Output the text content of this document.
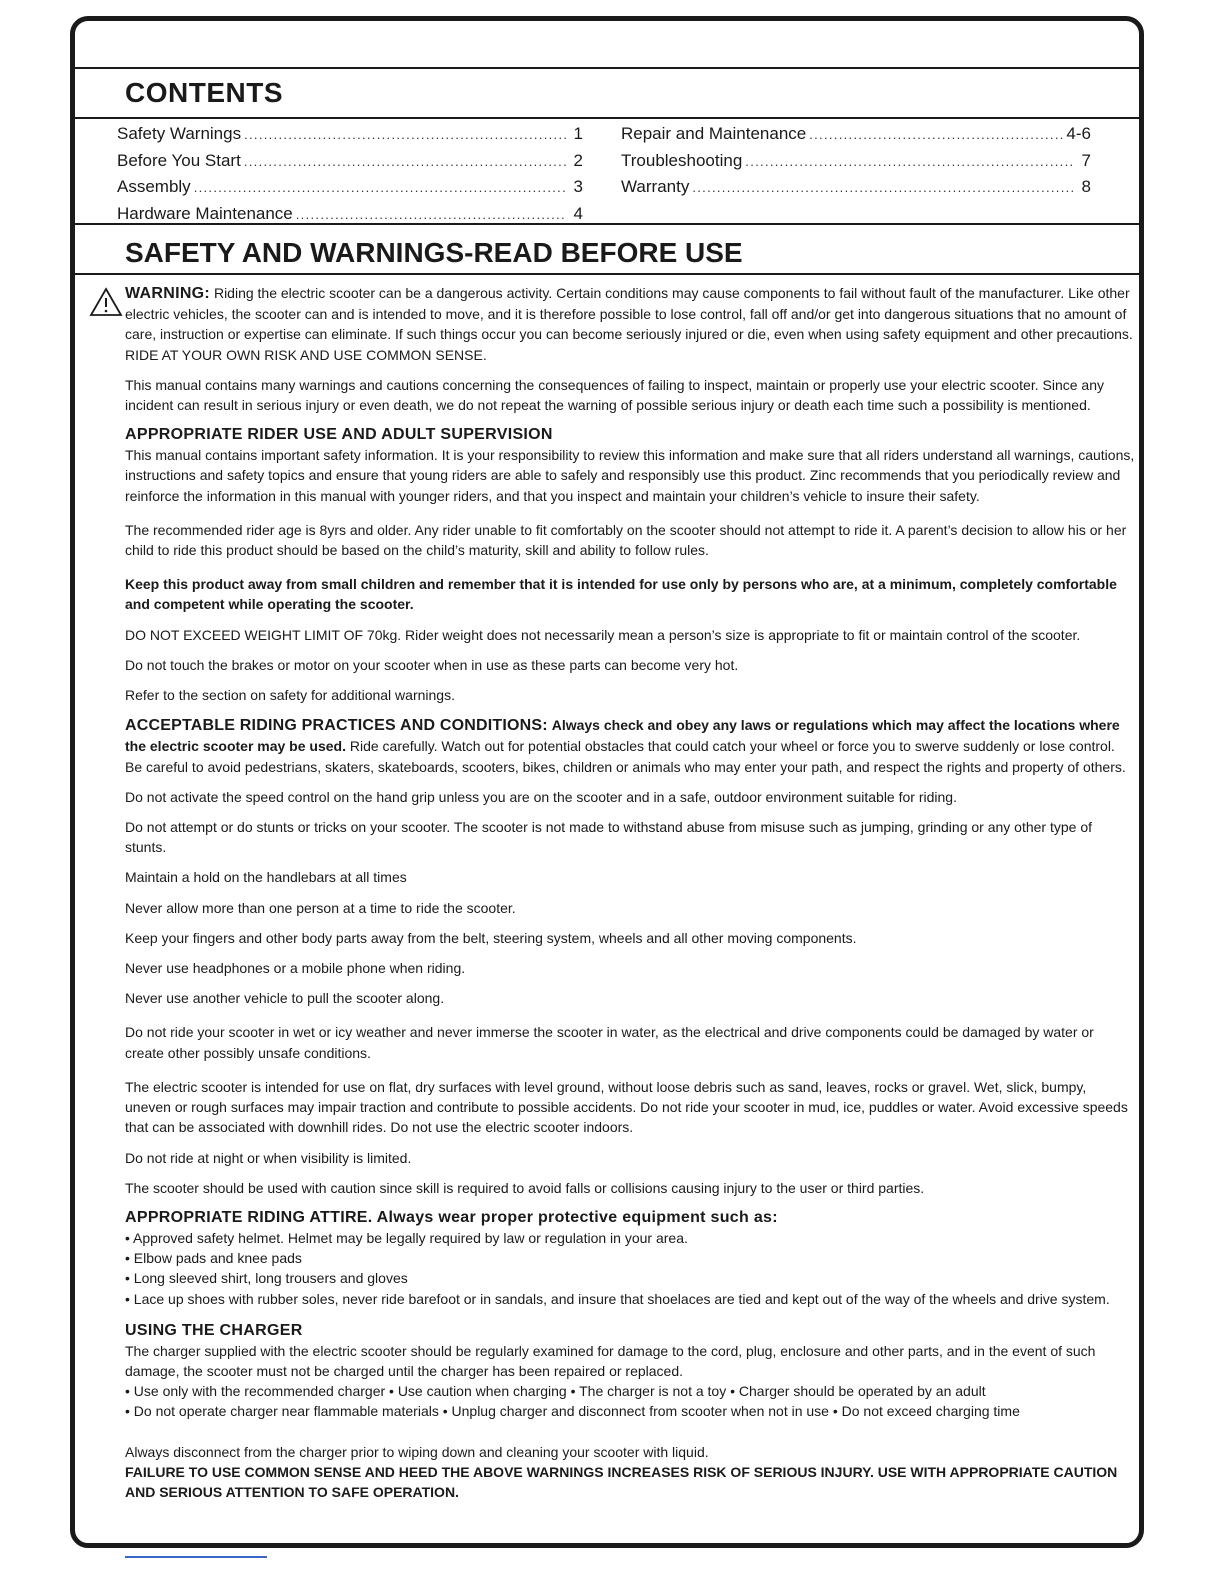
CONTENTS
Safety Warnings .....	1
Before You Start .....	2
Assembly .....	3
Hardware Maintenance .....	4
Repair and Maintenance .....	4-6
Troubleshooting .....	7
Warranty .....	8
SAFETY AND WARNINGS-READ BEFORE USE

WARNING: Riding the electric scooter can be a dangerous activity. Certain conditions may cause components to fail without fault of the manufacturer. Like other electric vehicles, the scooter can and is intended to move, and it is therefore possible to lose control, fall off and/or get into dangerous situations that no amount of care, instruction or expertise can eliminate. If such things occur you can become seriously injured or die, even when using safety equipment and other precautions. RIDE AT YOUR OWN RISK AND USE COMMON SENSE.

This manual contains many warnings and cautions concerning the consequences of failing to inspect, maintain or properly use your electric scooter. Since any incident can result in serious injury or even death, we do not repeat the warning of possible serious injury or death each time such a possibility is mentioned.

APPROPRIATE RIDER USE AND ADULT SUPERVISION

This manual contains important safety information. It is your responsibility to review this information and make sure that all riders understand all warnings, cautions, instructions and safety topics and ensure that young riders are able to safely and responsibly use this product. Zinc recommends that you periodically review and reinforce the information in this manual with younger riders, and that you inspect and maintain your children’s vehicle to insure their safety.

The recommended rider age is 8yrs and older. Any rider unable to fit comfortably on the scooter should not attempt to ride it. A parent’s decision to allow his or her child to ride this product should be based on the child’s maturity, skill and ability to follow rules.

Keep this product away from small children and remember that it is intended for use only by persons who are, at a minimum, completely comfortable and competent while operating the scooter.

DO NOT EXCEED WEIGHT LIMIT OF 70kg. Rider weight does not necessarily mean a person’s size is appropriate to fit or maintain control of the scooter.

Do not touch the brakes or motor on your scooter when in use as these parts can become very hot.

Refer to the section on safety for additional warnings.

ACCEPTABLE RIDING PRACTICES AND CONDITIONS: Always check and obey any laws or regulations which may affect the locations where the electric scooter may be used. Ride carefully. Watch out for potential obstacles that could catch your wheel or force you to swerve suddenly or lose control. Be careful to avoid pedestrians, skaters, skateboards, scooters, bikes, children or animals who may enter your path, and respect the rights and property of others.

Do not activate the speed control on the hand grip unless you are on the scooter and in a safe, outdoor environment suitable for riding.

Do not attempt or do stunts or tricks on your scooter. The scooter is not made to withstand abuse from misuse such as jumping, grinding or any other type of stunts.

Maintain a hold on the handlebars at all times

Never allow more than one person at a time to ride the scooter.

Keep your fingers and other body parts away from the belt, steering system, wheels and all other moving components.

Never use headphones or a mobile phone when riding.

Never use another vehicle to pull the scooter along.

Do not ride your scooter in wet or icy weather and never immerse the scooter in water, as the electrical and drive components could be damaged by water or create other possibly unsafe conditions.

The electric scooter is intended for use on flat, dry surfaces with level ground, without loose debris such as sand, leaves, rocks or gravel. Wet, slick, bumpy, uneven or rough surfaces may impair traction and contribute to possible accidents. Do not ride your scooter in mud, ice, puddles or water. Avoid excessive speeds that can be associated with downhill rides. Do not use the electric scooter indoors.

Do not ride at night or when visibility is limited.

The scooter should be used with caution since skill is required to avoid falls or collisions causing injury to the user or third parties.

APPROPRIATE RIDING ATTIRE. Always wear proper protective equipment such as:
• Approved safety helmet. Helmet may be legally required by law or regulation in your area.
• Elbow pads and knee pads
• Long sleeved shirt, long trousers and gloves
• Lace up shoes with rubber soles, never ride barefoot or in sandals, and insure that shoelaces are tied and kept out of the way of the wheels and drive system.
USING THE CHARGER

The charger supplied with the electric scooter should be regularly examined for damage to the cord, plug, enclosure and other parts, and in the event of such damage, the scooter must not be charged until the charger has been repaired or replaced.

• Use only with the recommended charger • Use caution when charging • The charger is not a toy • Charger should be operated by an adult
• Do not operate charger near flammable materials • Unplug charger and disconnect from scooter when not in use • Do not exceed charging time

Always disconnect from the charger prior to wiping down and cleaning your scooter with liquid.

FAILURE TO USE COMMON SENSE AND HEED THE ABOVE WARNINGS INCREASES RISK OF SERIOUS INJURY. USE WITH APPROPRIATE CAUTION AND SERIOUS ATTENTION TO SAFE OPERATION.
